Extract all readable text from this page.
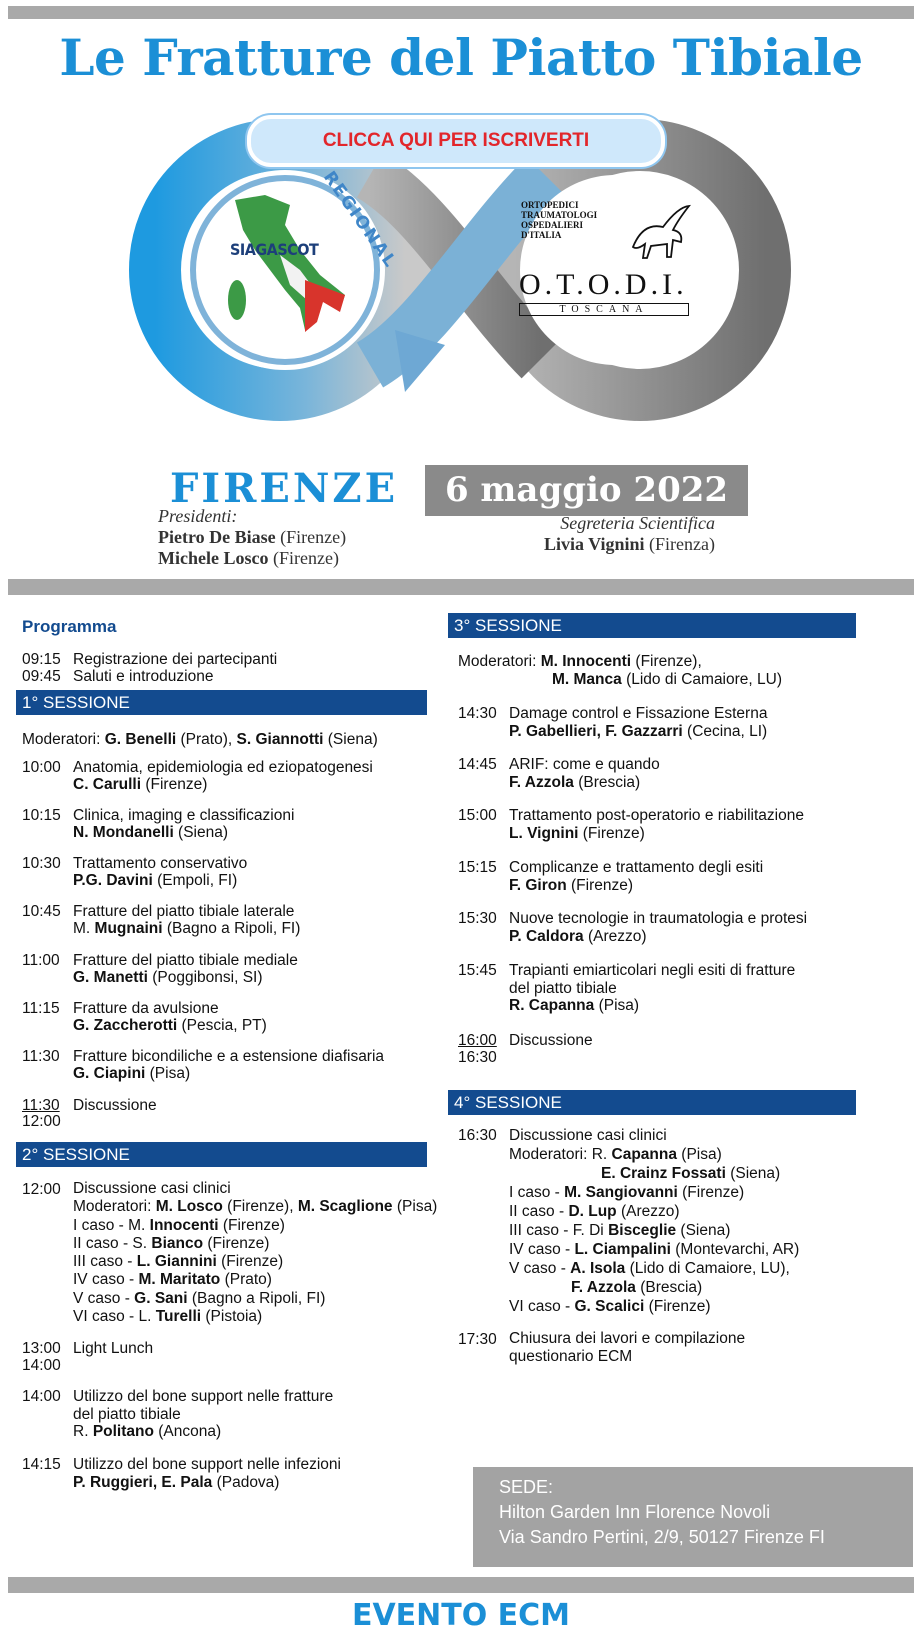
Le Fratture del Piatto Tibiale
REGIONAL
SIAGASCOT
ORTOPEDICI
TRAUMATOLOGI
OSPEDALIERI
D'ITALIA
O.T.O.D.I.
TOSCANA
CLICCA QUI PER ISCRIVERTI
FIRENZE	6 maggio 2022
Presidenti:
Pietro De Biase (Firenze)
Michele Losco (Firenze)
Segreteria Scientifica
Livia Vignini (Firenza)
Programma
09:15 Registrazione dei partecipanti
09:45 Saluti e introduzione
1° SESSIONE
Moderatori: G. Benelli (Prato), S. Giannotti (Siena)
10:00 Anatomia, epidemiologia ed eziopatogenesi
C. Carulli (Firenze)
10:15 Clinica, imaging e classificazioni
N. Mondanelli (Siena)
10:30 Trattamento conservativo
P.G. Davini (Empoli, FI)
10:45 Fratture del piatto tibiale laterale
M. Mugnaini (Bagno a Ripoli, FI)
11:00 Fratture del piatto tibiale mediale
G. Manetti (Poggibonsi, SI)
11:15 Fratture da avulsione
G. Zaccherotti (Pescia, PT)
11:30 Fratture bicondiliche e a estensione diafisaria
G. Ciapini (Pisa)
11:30
12:00
Discussione
2° SESSIONE
12:00 Discussione casi clinici
Moderatori: M. Losco (Firenze), M. Scaglione (Pisa)
I caso - M. Innocenti (Firenze)
II caso - S. Bianco (Firenze)
III caso - L. Giannini (Firenze)
IV caso - M. Maritato (Prato)
V caso - G. Sani (Bagno a Ripoli, FI)
VI caso - L. Turelli (Pistoia)
13:00
14:00
Light Lunch
14:00 Utilizzo del bone support nelle fratture
del piatto tibiale
R. Politano (Ancona)
14:15 Utilizzo del bone support nelle infezioni
P. Ruggieri, E. Pala (Padova)
3° SESSIONE
Moderatori: M. Innocenti (Firenze),
M. Manca (Lido di Camaiore, LU)
14:30 Damage control e Fissazione Esterna
P. Gabellieri, F. Gazzarri (Cecina, LI)
14:45 ARIF: come e quando
F. Azzola (Brescia)
15:00 Trattamento post-operatorio e riabilitazione
L. Vignini (Firenze)
15:15 Complicanze e trattamento degli esiti
F. Giron (Firenze)
15:30 Nuove tecnologie in traumatologia e protesi
P. Caldora (Arezzo)
15:45 Trapianti emiarticolari negli esiti di fratture
del piatto tibiale
R. Capanna (Pisa)
16:00
16:30
Discussione
4° SESSIONE
16:30 Discussione casi clinici
Moderatori: R. Capanna (Pisa)
E. Crainz Fossati (Siena)
I caso - M. Sangiovanni (Firenze)
II caso - D. Lup (Arezzo)
III caso - F. Di Bisceglie (Siena)
IV caso - L. Ciampalini (Montevarchi, AR)
V caso - A. Isola (Lido di Camaiore, LU),
F. Azzola (Brescia)
VI caso - G. Scalici (Firenze)
17:30 Chiusura dei lavori e compilazione
questionario ECM
SEDE:
Hilton Garden Inn Florence Novoli
Via Sandro Pertini, 2/9, 50127 Firenze FI
EVENTO ECM
